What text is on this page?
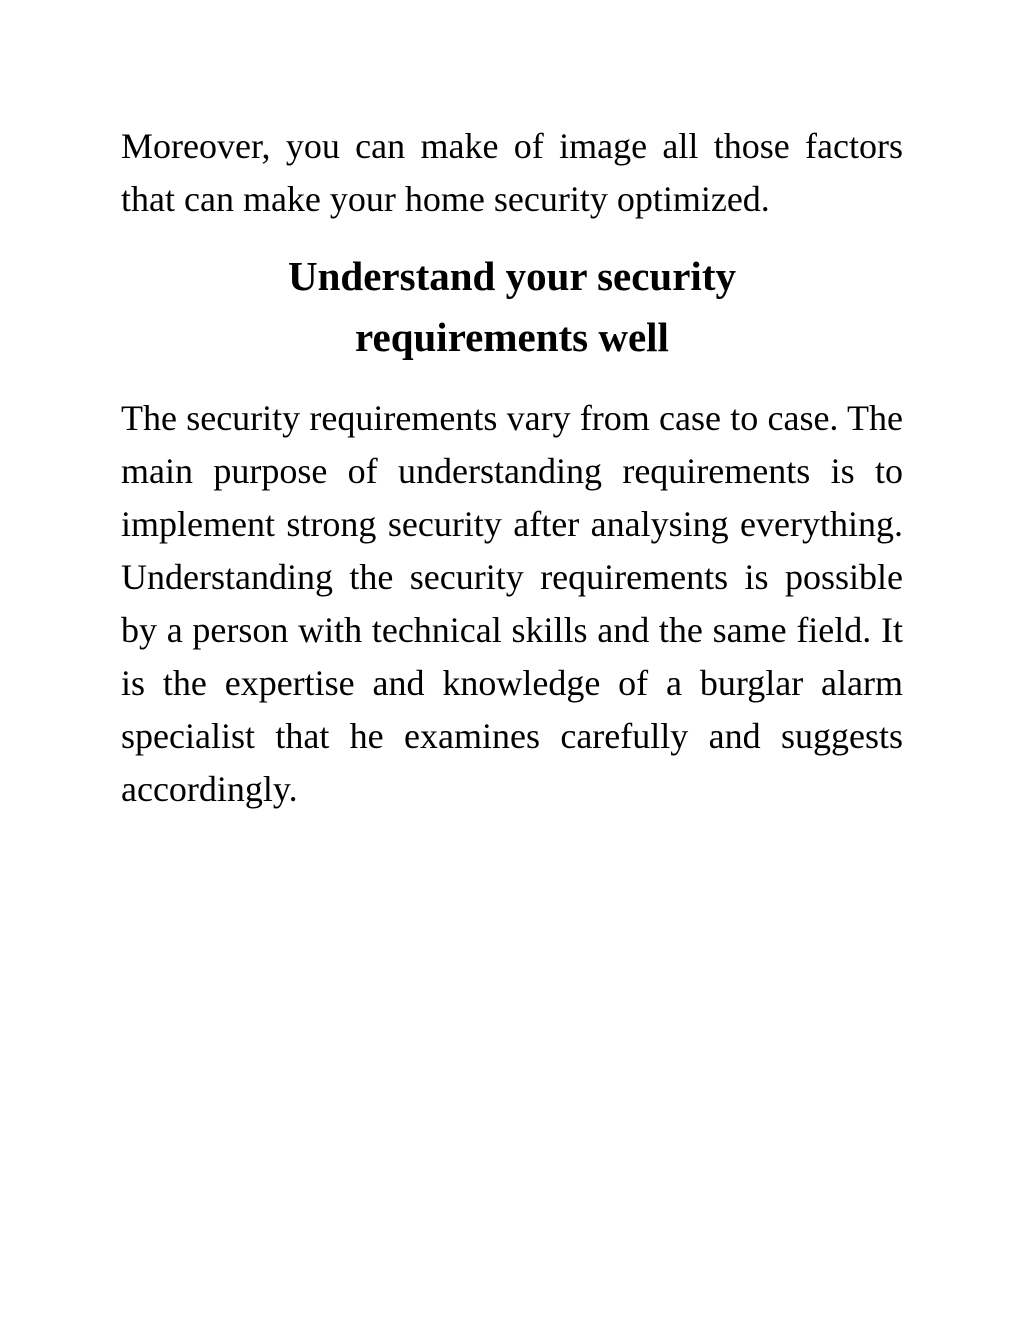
Moreover, you can make of image all those factors that can make your home security optimized.

Understand your security
requirements well

The security requirements vary from case to case. The main purpose of understanding requirements is to implement strong security after analysing everything. Understanding the security requirements is possible by a person with technical skills and the same field. It is the expertise and knowledge of a burglar alarm specialist that he examines carefully and suggests accordingly.
